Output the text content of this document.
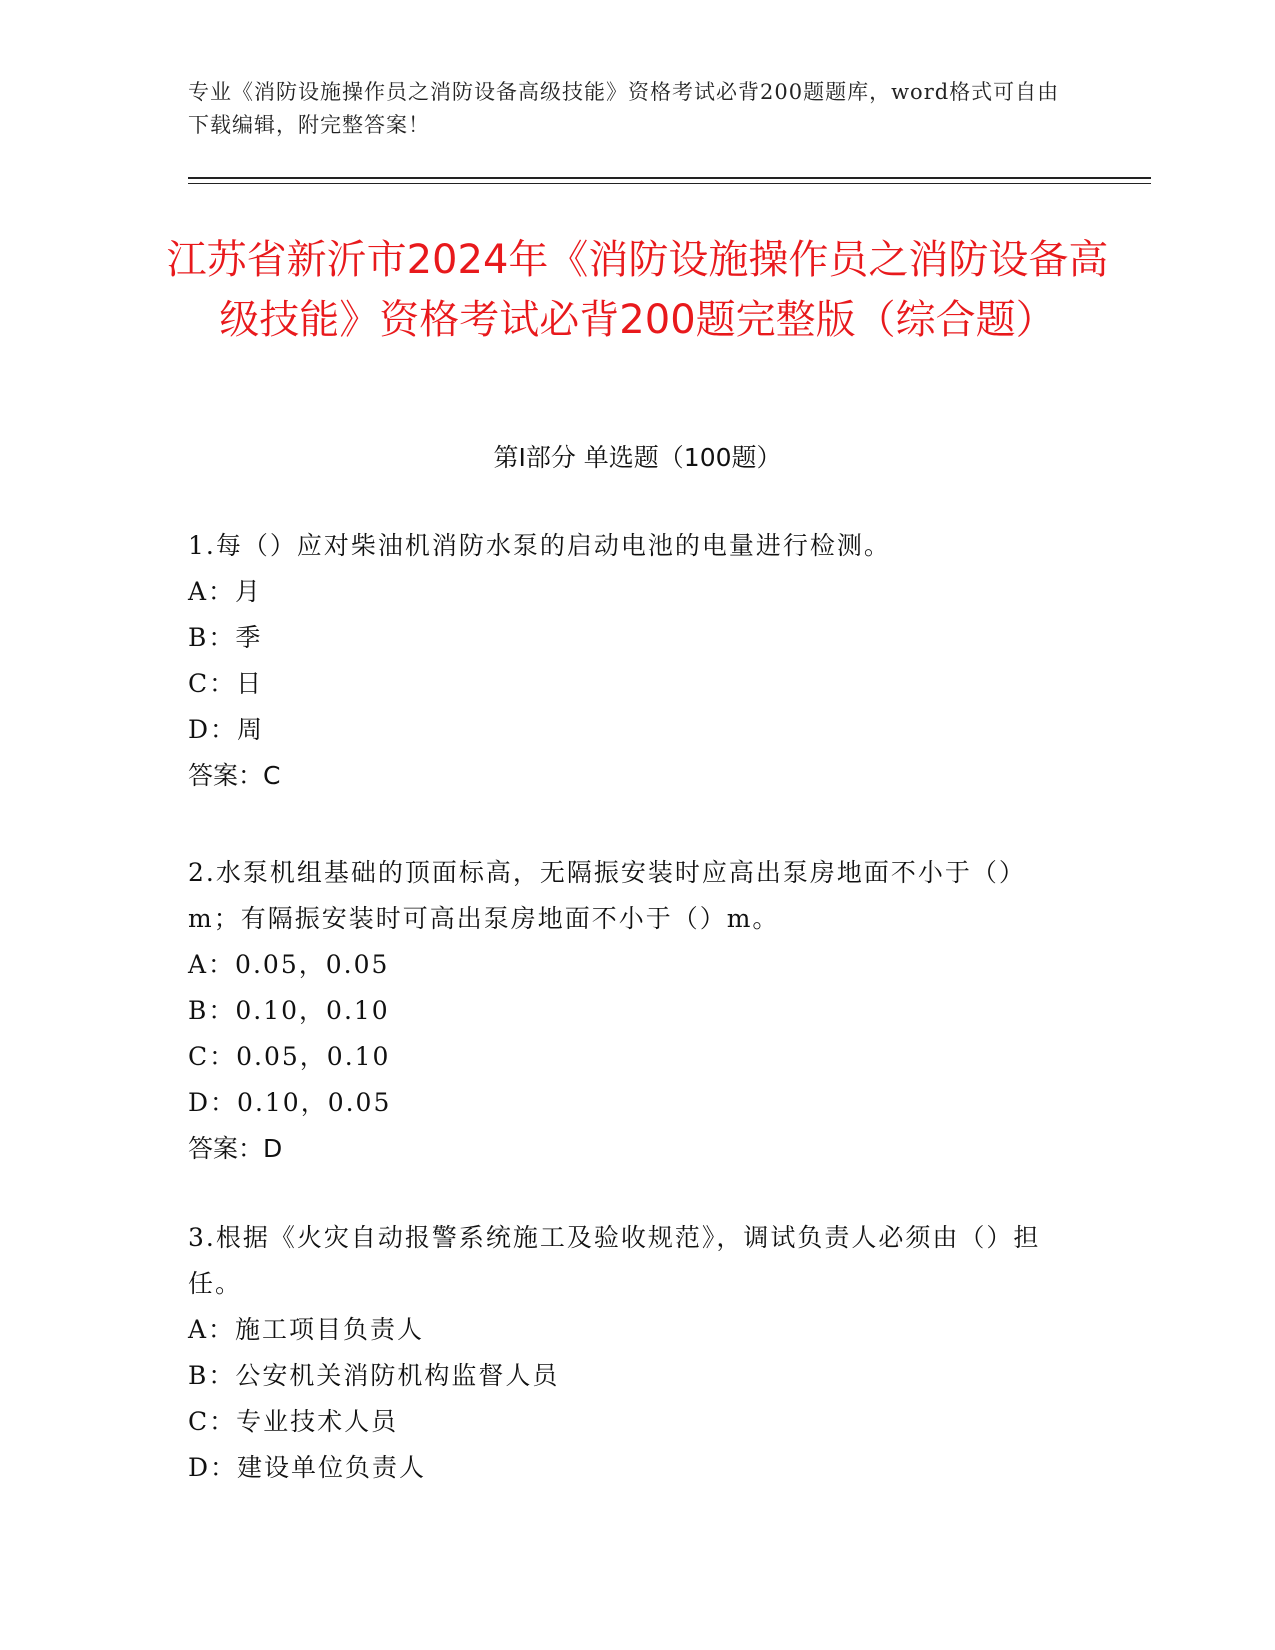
专业《消防设施操作员之消防设备高级技能》资格考试必背200题题库，word格式可自由下载编辑，附完整答案！
江苏省新沂市2024年《消防设施操作员之消防设备高级技能》资格考试必背200题完整版（综合题）
第Ⅰ部分 单选题（100题）
1.每（）应对柴油机消防水泵的启动电池的电量进行检测。
A：月
B：季
C：日
D：周
答案：C
2.水泵机组基础的顶面标高，无隔振安装时应高出泵房地面不小于（）m；有隔振安装时可高出泵房地面不小于（）m。
A：0.05，0.05
B：0.10，0.10
C：0.05，0.10
D：0.10，0.05
答案：D
3.根据《火灾自动报警系统施工及验收规范》，调试负责人必须由（）担任。
A：施工项目负责人
B：公安机关消防机构监督人员
C：专业技术人员
D：建设单位负责人
